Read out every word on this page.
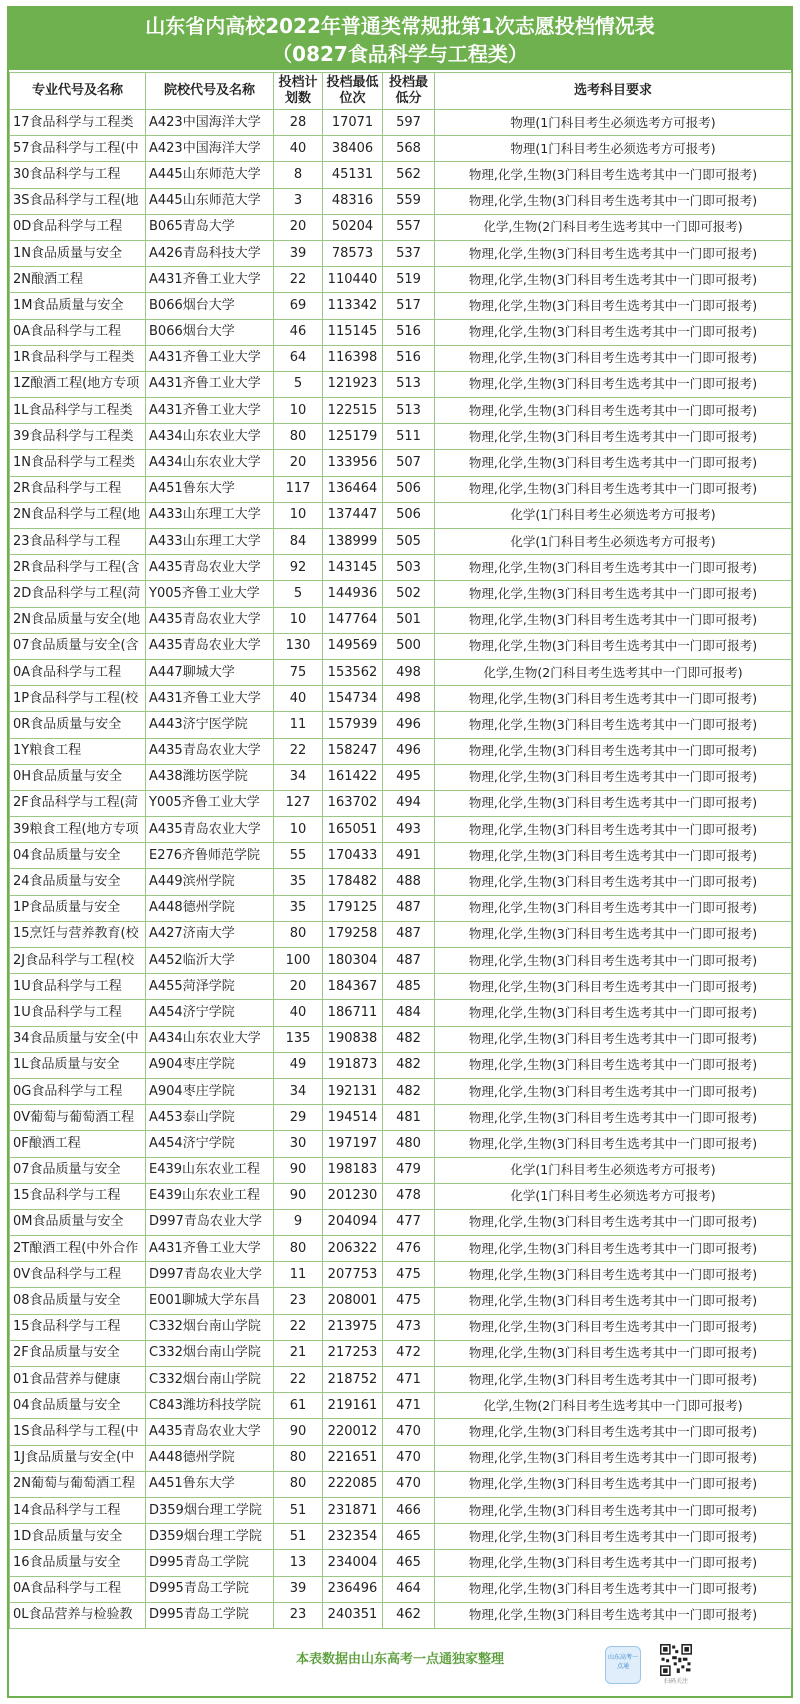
山东省内高校2022年普通类常规批第1次志愿投档情况表
（0827食品科学与工程类）
专业代号及名称	院校代号及名称	投档计划数	投档最低位次	投档最低分	选考科目要求
17食品科学与工程类	A423中国海洋大学	28	17071	597	物理(1门科目考生必须选考方可报考)
57食品科学与工程(中	A423中国海洋大学	40	38406	568	物理(1门科目考生必须选考方可报考)
30食品科学与工程	A445山东师范大学	8	45131	562	物理,化学,生物(3门科目考生选考其中一门即可报考)
3S食品科学与工程(地	A445山东师范大学	3	48316	559	物理,化学,生物(3门科目考生选考其中一门即可报考)
0D食品科学与工程	B065青岛大学	20	50204	557	化学,生物(2门科目考生选考其中一门即可报考)
1N食品质量与安全	A426青岛科技大学	39	78573	537	物理,化学,生物(3门科目考生选考其中一门即可报考)
2N酿酒工程	A431齐鲁工业大学	22	110440	519	物理,化学,生物(3门科目考生选考其中一门即可报考)
1M食品质量与安全	B066烟台大学	69	113342	517	物理,化学,生物(3门科目考生选考其中一门即可报考)
0A食品科学与工程	B066烟台大学	46	115145	516	物理,化学,生物(3门科目考生选考其中一门即可报考)
1R食品科学与工程类	A431齐鲁工业大学	64	116398	516	物理,化学,生物(3门科目考生选考其中一门即可报考)
1Z酿酒工程(地方专项	A431齐鲁工业大学	5	121923	513	物理,化学,生物(3门科目考生选考其中一门即可报考)
1L食品科学与工程类	A431齐鲁工业大学	10	122515	513	物理,化学,生物(3门科目考生选考其中一门即可报考)
39食品科学与工程类	A434山东农业大学	80	125179	511	物理,化学,生物(3门科目考生选考其中一门即可报考)
1N食品科学与工程类	A434山东农业大学	20	133956	507	物理,化学,生物(3门科目考生选考其中一门即可报考)
2R食品科学与工程	A451鲁东大学	117	136464	506	物理,化学,生物(3门科目考生选考其中一门即可报考)
2N食品科学与工程(地	A433山东理工大学	10	137447	506	化学(1门科目考生必须选考方可报考)
23食品科学与工程	A433山东理工大学	84	138999	505	化学(1门科目考生必须选考方可报考)
2R食品科学与工程(含	A435青岛农业大学	92	143145	503	物理,化学,生物(3门科目考生选考其中一门即可报考)
2D食品科学与工程(菏	Y005齐鲁工业大学	5	144936	502	物理,化学,生物(3门科目考生选考其中一门即可报考)
2N食品质量与安全(地	A435青岛农业大学	10	147764	501	物理,化学,生物(3门科目考生选考其中一门即可报考)
07食品质量与安全(含	A435青岛农业大学	130	149569	500	物理,化学,生物(3门科目考生选考其中一门即可报考)
0A食品科学与工程	A447聊城大学	75	153562	498	化学,生物(2门科目考生选考其中一门即可报考)
1P食品科学与工程(校	A431齐鲁工业大学	40	154734	498	物理,化学,生物(3门科目考生选考其中一门即可报考)
0R食品质量与安全	A443济宁医学院	11	157939	496	物理,化学,生物(3门科目考生选考其中一门即可报考)
1Y粮食工程	A435青岛农业大学	22	158247	496	物理,化学,生物(3门科目考生选考其中一门即可报考)
0H食品质量与安全	A438潍坊医学院	34	161422	495	物理,化学,生物(3门科目考生选考其中一门即可报考)
2F食品科学与工程(菏	Y005齐鲁工业大学	127	163702	494	物理,化学,生物(3门科目考生选考其中一门即可报考)
39粮食工程(地方专项	A435青岛农业大学	10	165051	493	物理,化学,生物(3门科目考生选考其中一门即可报考)
04食品质量与安全	E276齐鲁师范学院	55	170433	491	物理,化学,生物(3门科目考生选考其中一门即可报考)
24食品质量与安全	A449滨州学院	35	178482	488	物理,化学,生物(3门科目考生选考其中一门即可报考)
1P食品质量与安全	A448德州学院	35	179125	487	物理,化学,生物(3门科目考生选考其中一门即可报考)
15烹饪与营养教育(校	A427济南大学	80	179258	487	物理,化学,生物(3门科目考生选考其中一门即可报考)
2J食品科学与工程(校	A452临沂大学	100	180304	487	物理,化学,生物(3门科目考生选考其中一门即可报考)
1U食品科学与工程	A455菏泽学院	20	184367	485	物理,化学,生物(3门科目考生选考其中一门即可报考)
1U食品科学与工程	A454济宁学院	40	186711	484	物理,化学,生物(3门科目考生选考其中一门即可报考)
34食品质量与安全(中	A434山东农业大学	135	190838	482	物理,化学,生物(3门科目考生选考其中一门即可报考)
1L食品质量与安全	A904枣庄学院	49	191873	482	物理,化学,生物(3门科目考生选考其中一门即可报考)
0G食品科学与工程	A904枣庄学院	34	192131	482	物理,化学,生物(3门科目考生选考其中一门即可报考)
0V葡萄与葡萄酒工程	A453泰山学院	29	194514	481	物理,化学,生物(3门科目考生选考其中一门即可报考)
0F酿酒工程	A454济宁学院	30	197197	480	物理,化学,生物(3门科目考生选考其中一门即可报考)
07食品质量与安全	E439山东农业工程	90	198183	479	化学(1门科目考生必须选考方可报考)
15食品科学与工程	E439山东农业工程	90	201230	478	化学(1门科目考生必须选考方可报考)
0M食品质量与安全	D997青岛农业大学	9	204094	477	物理,化学,生物(3门科目考生选考其中一门即可报考)
2T酿酒工程(中外合作	A431齐鲁工业大学	80	206322	476	物理,化学,生物(3门科目考生选考其中一门即可报考)
0V食品科学与工程	D997青岛农业大学	11	207753	475	物理,化学,生物(3门科目考生选考其中一门即可报考)
08食品质量与安全	E001聊城大学东昌	23	208001	475	物理,化学,生物(3门科目考生选考其中一门即可报考)
15食品科学与工程	C332烟台南山学院	22	213975	473	物理,化学,生物(3门科目考生选考其中一门即可报考)
2F食品质量与安全	C332烟台南山学院	21	217253	472	物理,化学,生物(3门科目考生选考其中一门即可报考)
01食品营养与健康	C332烟台南山学院	22	218752	471	物理,化学,生物(3门科目考生选考其中一门即可报考)
04食品质量与安全	C843潍坊科技学院	61	219161	471	化学,生物(2门科目考生选考其中一门即可报考)
1S食品科学与工程(中	A435青岛农业大学	90	220012	470	物理,化学,生物(3门科目考生选考其中一门即可报考)
1J食品质量与安全(中	A448德州学院	80	221651	470	物理,化学,生物(3门科目考生选考其中一门即可报考)
2N葡萄与葡萄酒工程	A451鲁东大学	80	222085	470	物理,化学,生物(3门科目考生选考其中一门即可报考)
14食品科学与工程	D359烟台理工学院	51	231871	466	物理,化学,生物(3门科目考生选考其中一门即可报考)
1D食品质量与安全	D359烟台理工学院	51	232354	465	物理,化学,生物(3门科目考生选考其中一门即可报考)
16食品质量与安全	D995青岛工学院	13	234004	465	物理,化学,生物(3门科目考生选考其中一门即可报考)
0A食品科学与工程	D995青岛工学院	39	236496	464	物理,化学,生物(3门科目考生选考其中一门即可报考)
0L食品营养与检验教	D995青岛工学院	23	240351	462	物理,化学,生物(3门科目考生选考其中一门即可报考)
本表数据由山东高考一点通独家整理	山东高考一点通
扫码关注
